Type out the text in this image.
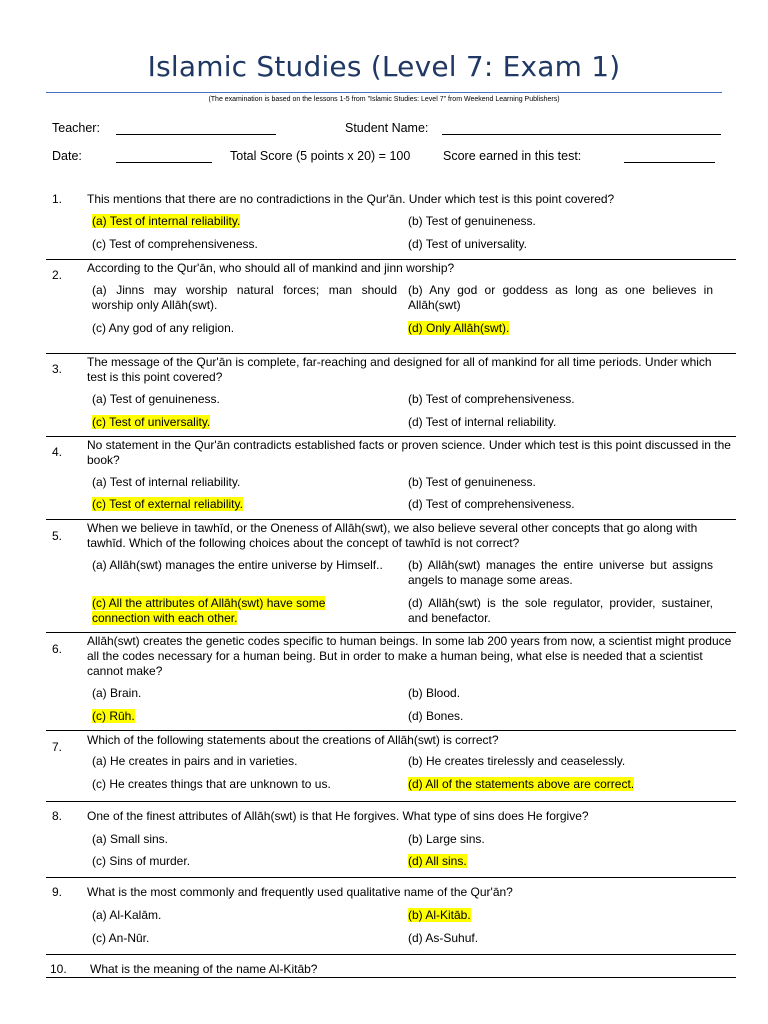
Islamic Studies (Level 7: Exam 1)
(The examination is based on the lessons 1-5 from "Islamic Studies: Level 7" from Weekend Learning Publishers)
Teacher:	Student Name:
Date:	Total Score (5 points x 20) = 100	Score earned in this test:
1.	This mentions that there are no contradictions in the Qur'ān. Under which test is this point covered?
(a) Test of internal reliability.	(b) Test of genuineness.
(c) Test of comprehensiveness.	(d) Test of universality.
2.	According to the Qur'ān, who should all of mankind and jinn worship?
(a) Jinns may worship natural forces; man should worship only Allāh(swt).
(b) Any god or goddess as long as one believes in Allāh(swt)
(c) Any god of any religion.	(d) Only Allāh(swt).
3.	The message of the Qur'ān is complete, far-reaching and designed for all of mankind for all time periods. Under which test is this point covered?
(a) Test of genuineness.	(b) Test of comprehensiveness.
(c) Test of universality.	(d) Test of internal reliability.
4.	No statement in the Qur'ān contradicts established facts or proven science. Under which test is this point discussed in the book?
(a) Test of internal reliability.	(b) Test of genuineness.
(c) Test of external reliability.	(d) Test of comprehensiveness.
5.
When we believe in tawhīd, or the Oneness of Allāh(swt), we also believe several other concepts that go along with tawhīd. Which of the following choices about the concept of tawhīd is not correct?
(a) Allāh(swt) manages the entire universe by Himself..	(b) Allāh(swt) manages the entire universe but assigns angels to manage some areas.
(c) All the attributes of Allāh(swt) have some connection with each other.
(d) Allāh(swt) is the sole regulator, provider, sustainer, and benefactor.
6.
Allāh(swt) creates the genetic codes specific to human beings. In some lab 200 years from now, a scientist might produce all the codes necessary for a human being. But in order to make a human being, what else is needed that a scientist cannot make?
(a) Brain.	(b) Blood.
(c) Rūh.	(d) Bones.
7.	Which of the following statements about the creations of Allāh(swt) is correct?
(a) He creates in pairs and in varieties.	(b) He creates tirelessly and ceaselessly.
(c) He creates things that are unknown to us.	(d) All of the statements above are correct.
8.	One of the finest attributes of Allāh(swt) is that He forgives. What type of sins does He forgive?
(a) Small sins.	(b) Large sins.
(c) Sins of murder.	(d) All sins.
9.	What is the most commonly and frequently used qualitative name of the Qur'ān?
(a) Al-Kalām.	(b) Al-Kitāb.
(c) An-Nūr.	(d) As-Suhuf.
10.	What is the meaning of the name Al-Kitāb?
